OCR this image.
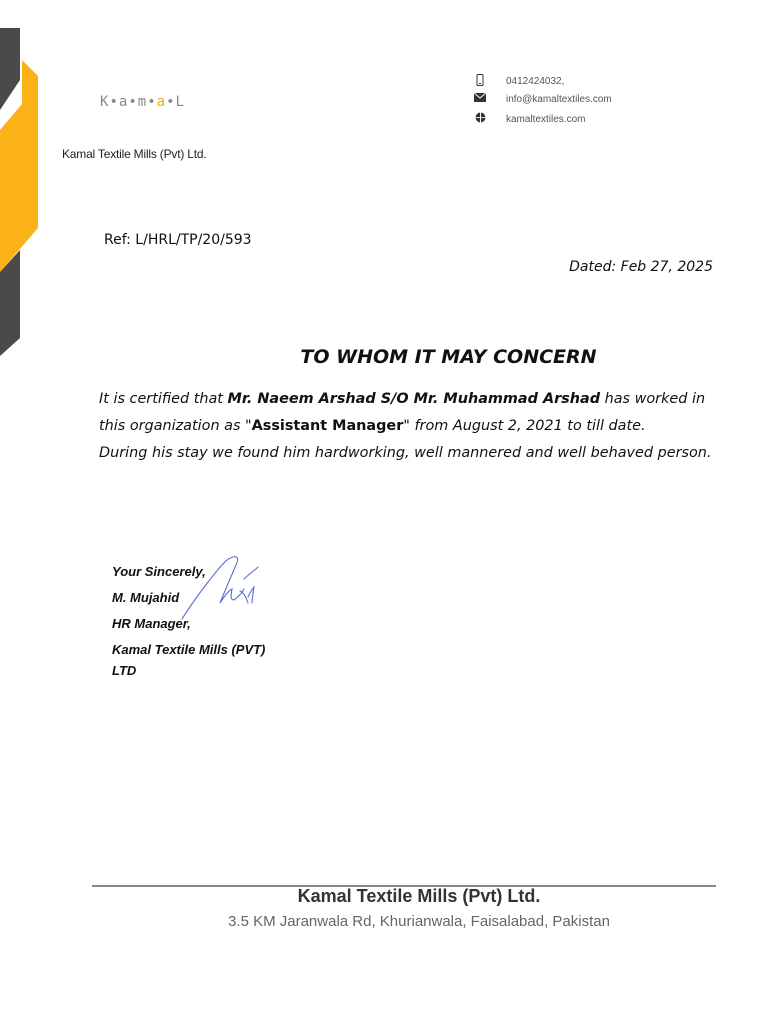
K•a•m•a•L
Kamal Textile Mills (Pvt) Ltd.
0412424032,
info@kamaltextiles.com
kamaltextiles.com
Ref: L/HRL/TP/20/593
Dated: Feb 27, 2025
TO WHOM IT MAY CONCERN
It is certified that Mr. Naeem Arshad S/O Mr. Muhammad Arshad has worked in this organization as "Assistant Manager" from August 2, 2021 to till date.
During his stay we found him hardworking, well mannered and well behaved person.
Your Sincerely,
M. Mujahid
HR Manager,
Kamal Textile Mills (PVT)
LTD
Kamal Textile Mills (Pvt) Ltd.
3.5 KM Jaranwala Rd, Khurianwala, Faisalabad, Pakistan
